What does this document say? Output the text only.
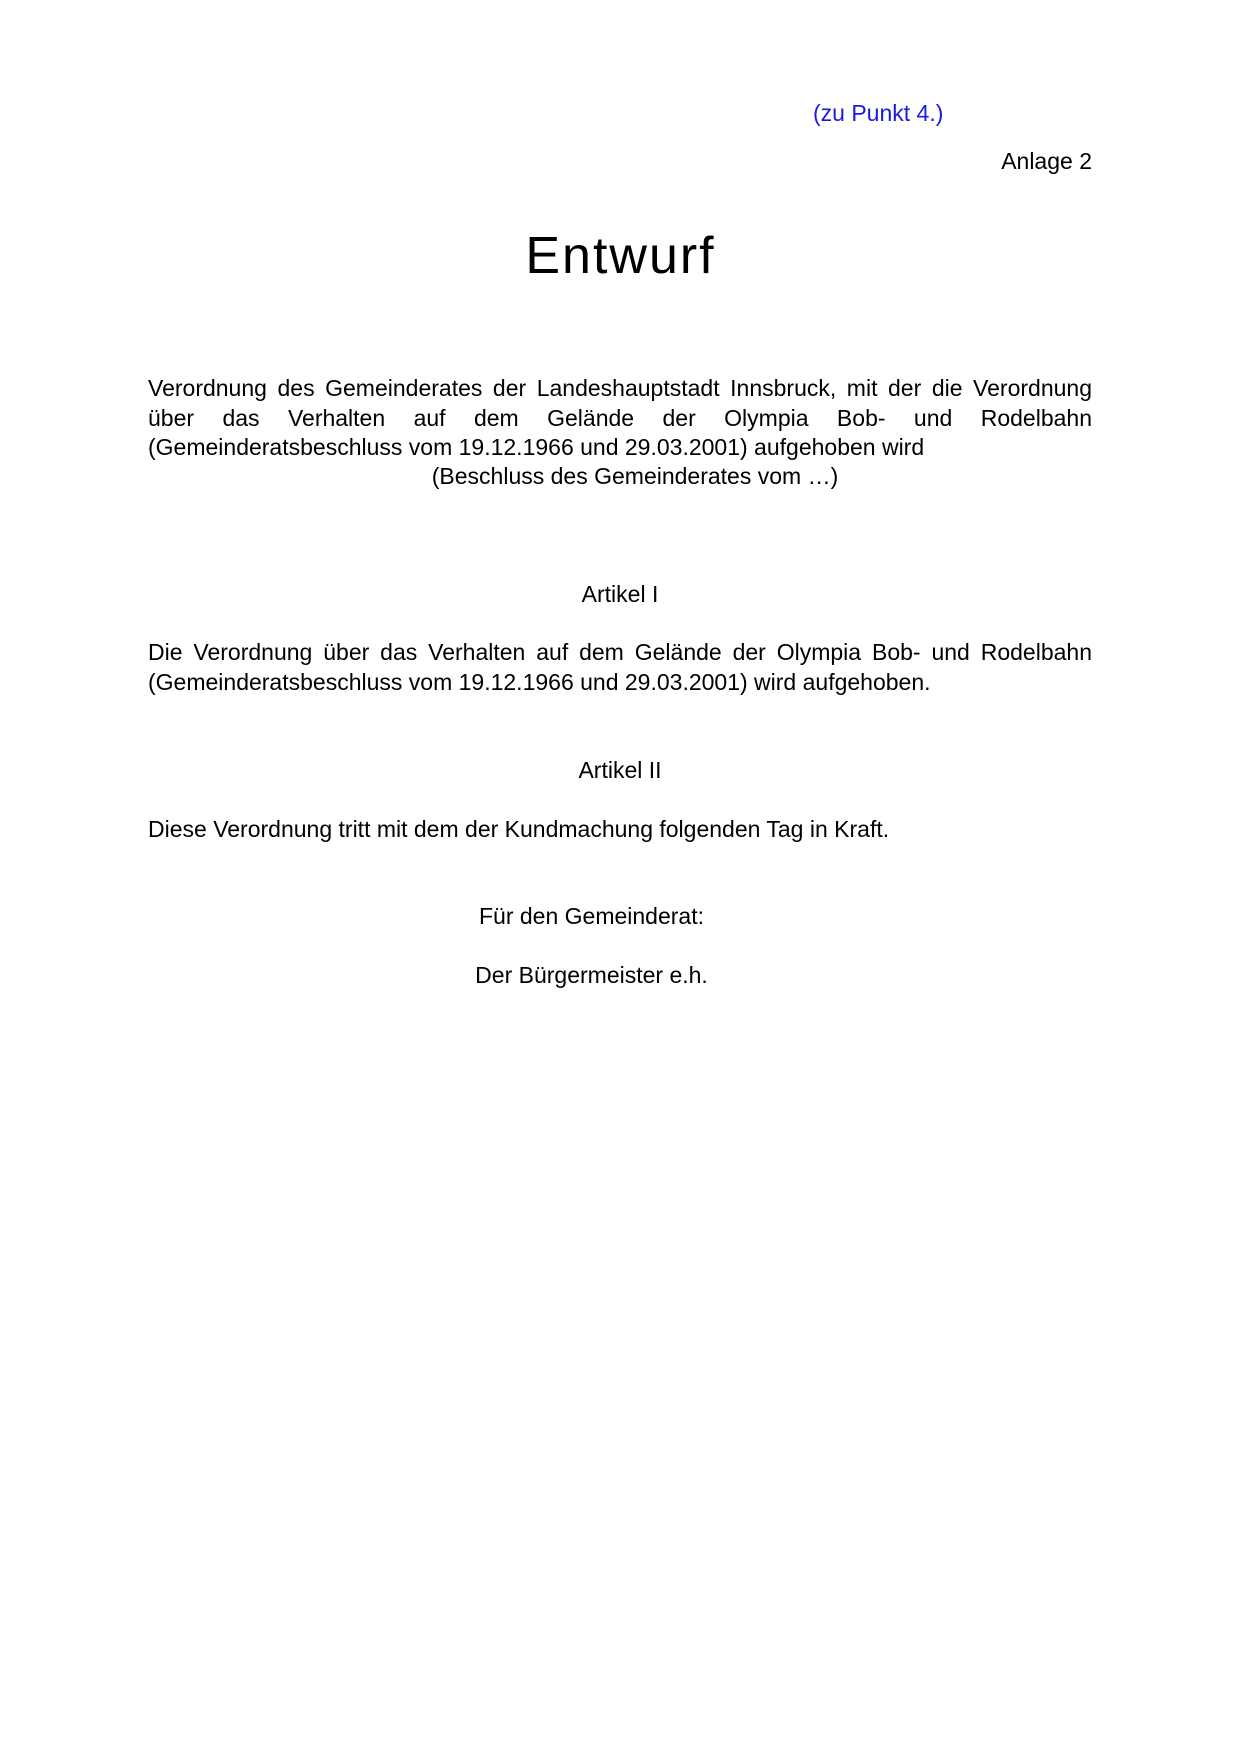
(zu Punkt 4.)
Anlage 2
Entwurf

Verordnung des Gemeinderates der Landeshauptstadt Innsbruck, mit der die Verordnung über das Verhalten auf dem Gelände der Olympia Bob- und Rodelbahn (Gemeinderatsbeschluss vom 19.12.1966 und 29.03.2001) aufgehoben wird

(Beschluss des Gemeinderates vom …)
Artikel I

Die Verordnung über das Verhalten auf dem Gelände der Olympia Bob- und Rodelbahn (Gemeinderatsbeschluss vom 19.12.1966 und 29.03.2001) wird aufgehoben.

Artikel II

Diese Verordnung tritt mit dem der Kundmachung folgenden Tag in Kraft.

Für den Gemeinderat:
Der Bürgermeister e.h.
